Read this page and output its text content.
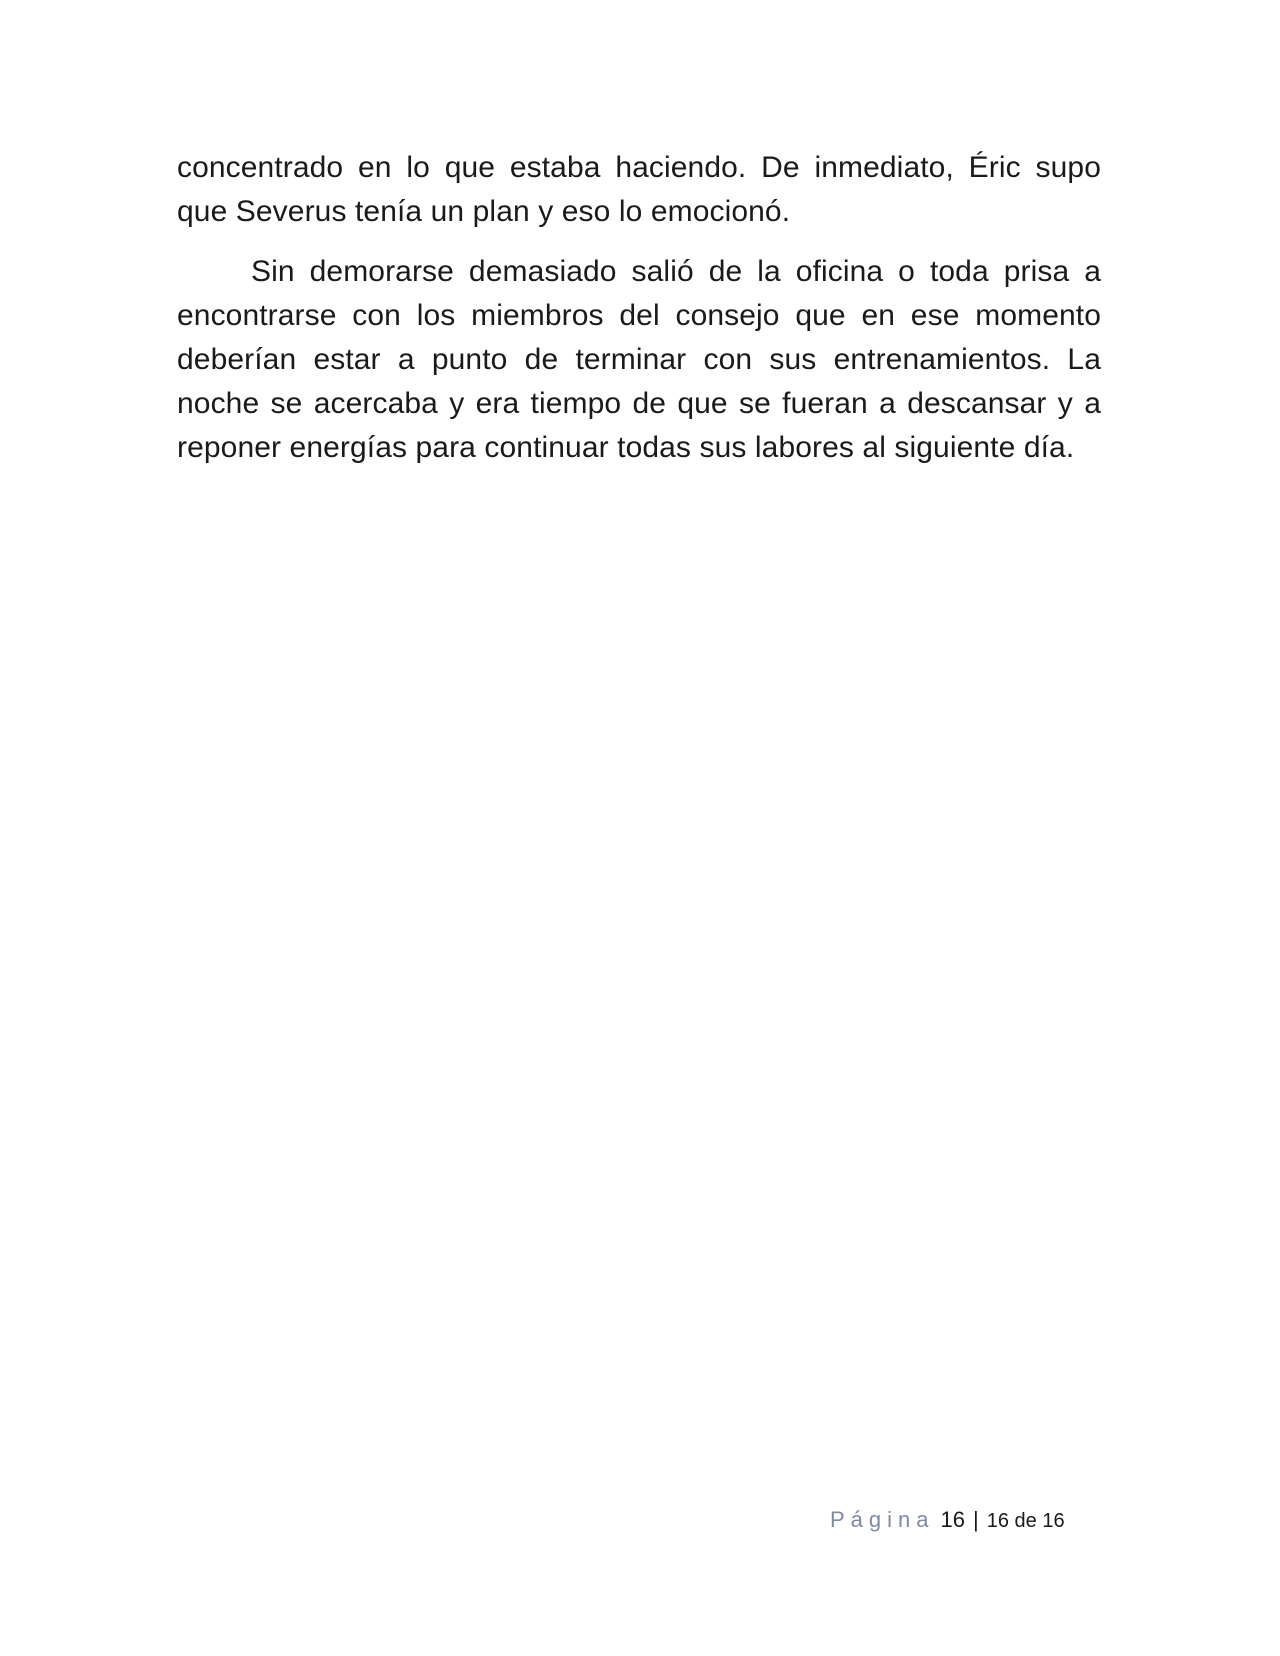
concentrado en lo que estaba haciendo. De inmediato, Éric supo que Severus tenía un plan y eso lo emocionó.

Sin demorarse demasiado salió de la oficina o toda prisa a encontrarse con los miembros del consejo que en ese momento deberían estar a punto de terminar con sus entrenamientos. La noche se acercaba y era tiempo de que se fueran a descansar y a reponer energías para continuar todas sus labores al siguiente día.

Página 16 | 16 de 16
